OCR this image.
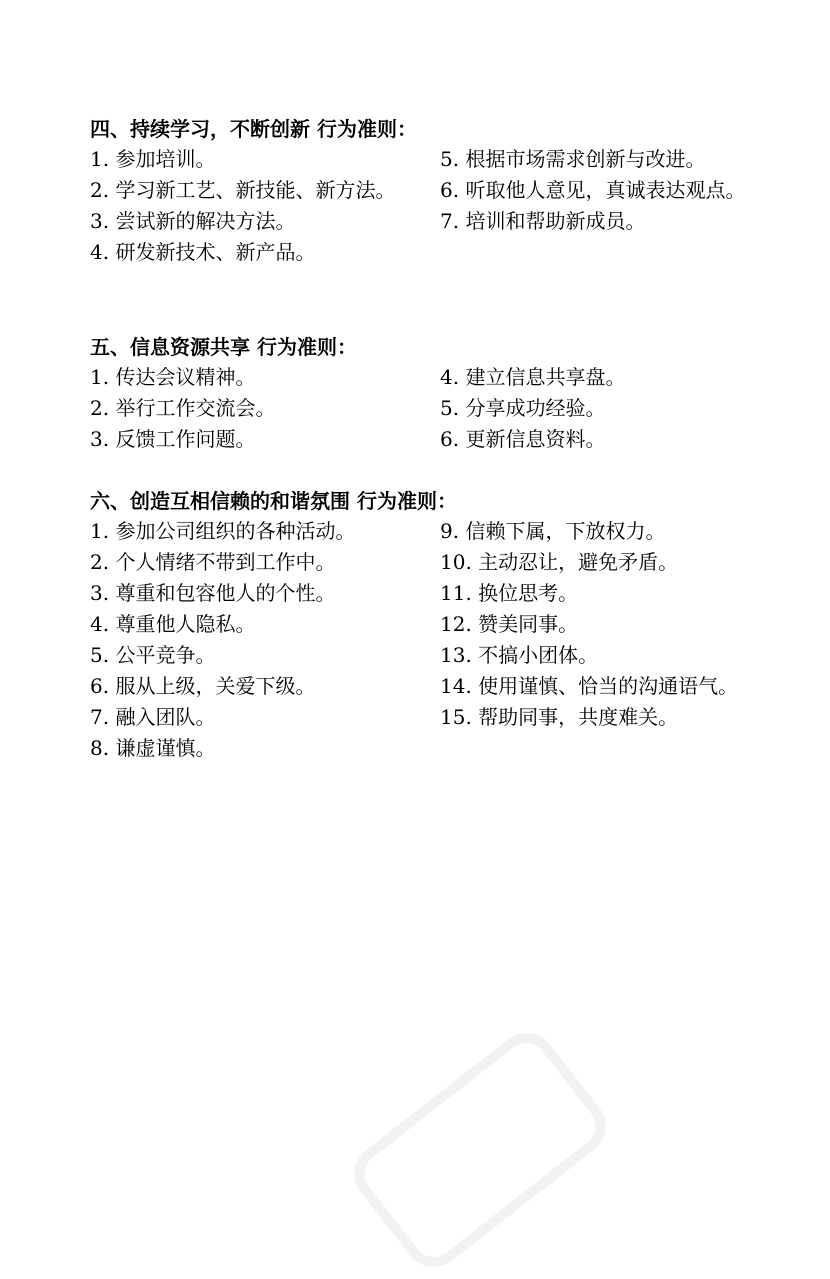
四、持续学习，不断创新 行为准则：

1. 参加培训。

2. 学习新工艺、新技能、新方法。

3. 尝试新的解决方法。

4. 研发新技术、新产品。

5. 根据市场需求创新与改进。

6. 听取他人意见，真诚表达观点。

7. 培训和帮助新成员。

五、信息资源共享 行为准则：

1. 传达会议精神。

2. 举行工作交流会。

3. 反馈工作问题。

4. 建立信息共享盘。

5. 分享成功经验。

6. 更新信息资料。

六、创造互相信赖的和谐氛围 行为准则：

1. 参加公司组织的各种活动。

2. 个人情绪不带到工作中。

3. 尊重和包容他人的个性。

4. 尊重他人隐私。

5. 公平竞争。

6. 服从上级，关爱下级。

7. 融入团队。

8. 谦虚谨慎。

9. 信赖下属，下放权力。

10. 主动忍让，避免矛盾。

11. 换位思考。

12. 赞美同事。

13. 不搞小团体。

14. 使用谨慎、恰当的沟通语气。

15. 帮助同事，共度难关。
